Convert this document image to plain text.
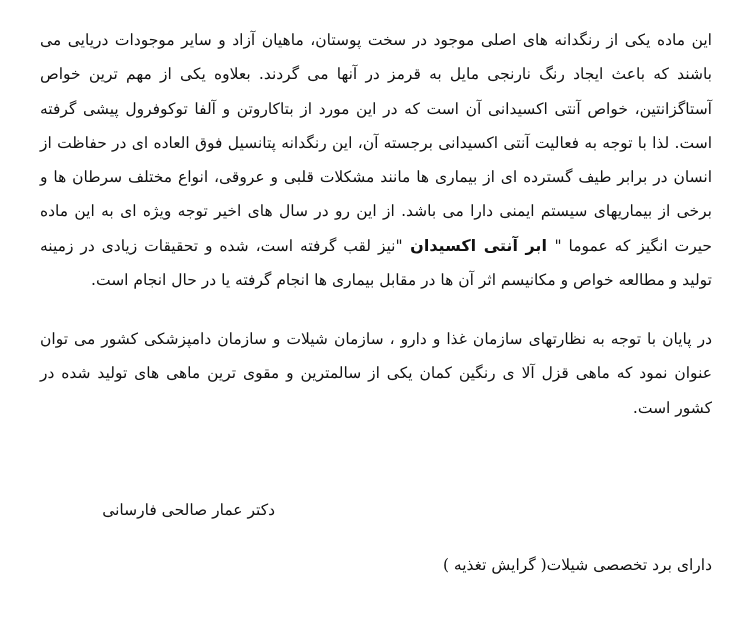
این ماده یکی از رنگدانه های اصلی موجود در سخت پوستان، ماهیان آزاد و سایر موجودات دریایی می باشند که باعث ایجاد رنگ نارنجی مایل به قرمز در آنها می گردند. بعلاوه یکی از مهم ترین خواص آستاگزانتین، خواص آنتی اکسیدانی آن است که در این مورد از بتاکاروتن و آلفا توکوفرول پیشی گرفته است. لذا با توجه به فعالیت آنتی اکسیدانی برجسته آن، این رنگدانه پتانسیل فوق العاده ای در حفاظت از انسان در برابر طیف گسترده ای از بیماری ها مانند مشکلات قلبی و عروقی، انواع مختلف سرطان ها و برخی از بیماریهای سیستم ایمنی دارا می باشد. از این رو در سال های اخیر توجه ویژه ای به این ماده حیرت انگیز که عموما " ابر آنتی اکسیدان "نیز لقب گرفته است، شده و تحقیقات زیادی در زمینه تولید و مطالعه خواص و مکانیسم اثر آن ها در مقابل بیماری ها انجام گرفته یا در حال انجام است.

در پایان با توجه به نظارتهای سازمان غذا و دارو ، سازمان شیلات و سازمان دامپزشکی کشور می توان عنوان نمود که ماهی قزل آلا ی رنگین کمان یکی از سالمترین و مقوی ترین ماهی های تولید شده در کشور است.

دکتر عمار صالحی فارسانی
دارای برد تخصصی شیلات( گرایش تغذیه )
